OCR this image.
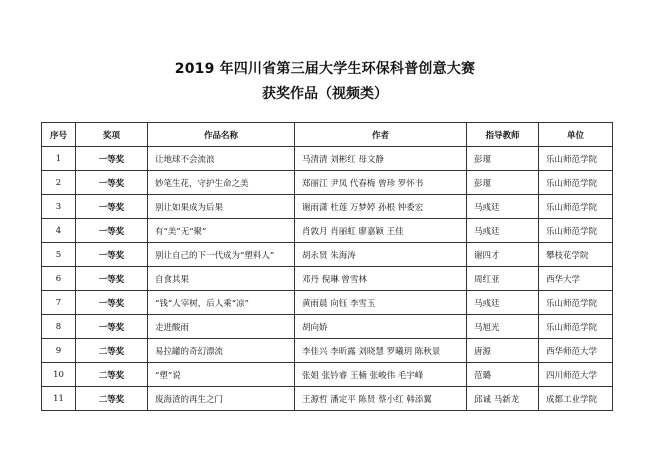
2019 年四川省第三届大学生环保科普创意大赛
获奖作品（视频类）
序号	奖项	作品名称	作者	指导教师	单位
1	一等奖	让地球不会流浪	马清清 刘彬红 母文静	彭瑾	乐山师范学院
2	一等奖	妙笔生花，守护生命之美	郑丽江 尹凤 代春梅 曾珍 罗怀书	彭瑾	乐山师范学院
3	一等奖	别让如果成为后果	谢雨潇 杜莲 万梦婷 孙根 钟委宏	马彧廷	乐山师范学院
4	一等奖	有“美”无“聚”	肖敦月 肖丽虹 廖嘉颖 王佳	马彧廷	乐山师范学院
5	一等奖	别让自己的下一代成为“塑料人”	胡永贤 朱海涛	谢四才	攀枝花学院
6	一等奖	自食其果	邓丹 倪琳 曾雪林	周红亚	西华大学
7	一等奖	“钱”人宰树，后人乘“凉”	黄雨晨 向钰 李雪玉	马彧廷	乐山师范学院
8	一等奖	走进酸雨	胡向娇	马旭光	乐山师范学院
9	二等奖	易拉罐的奇幻漂流	李佳兴 李昕露 刘晓慧 罗曦玥 陈秋景	唐源	西华师范大学
10	二等奖	“塑”说	张姐 张钤睿 王楠 张峻伟 毛宇峰	范璐	四川师范大学
11	二等奖	废海渣的再生之门	王源哲 潘定平 陈贤 蔡小红 韩添翼	邱诚 马新龙	成都工业学院
